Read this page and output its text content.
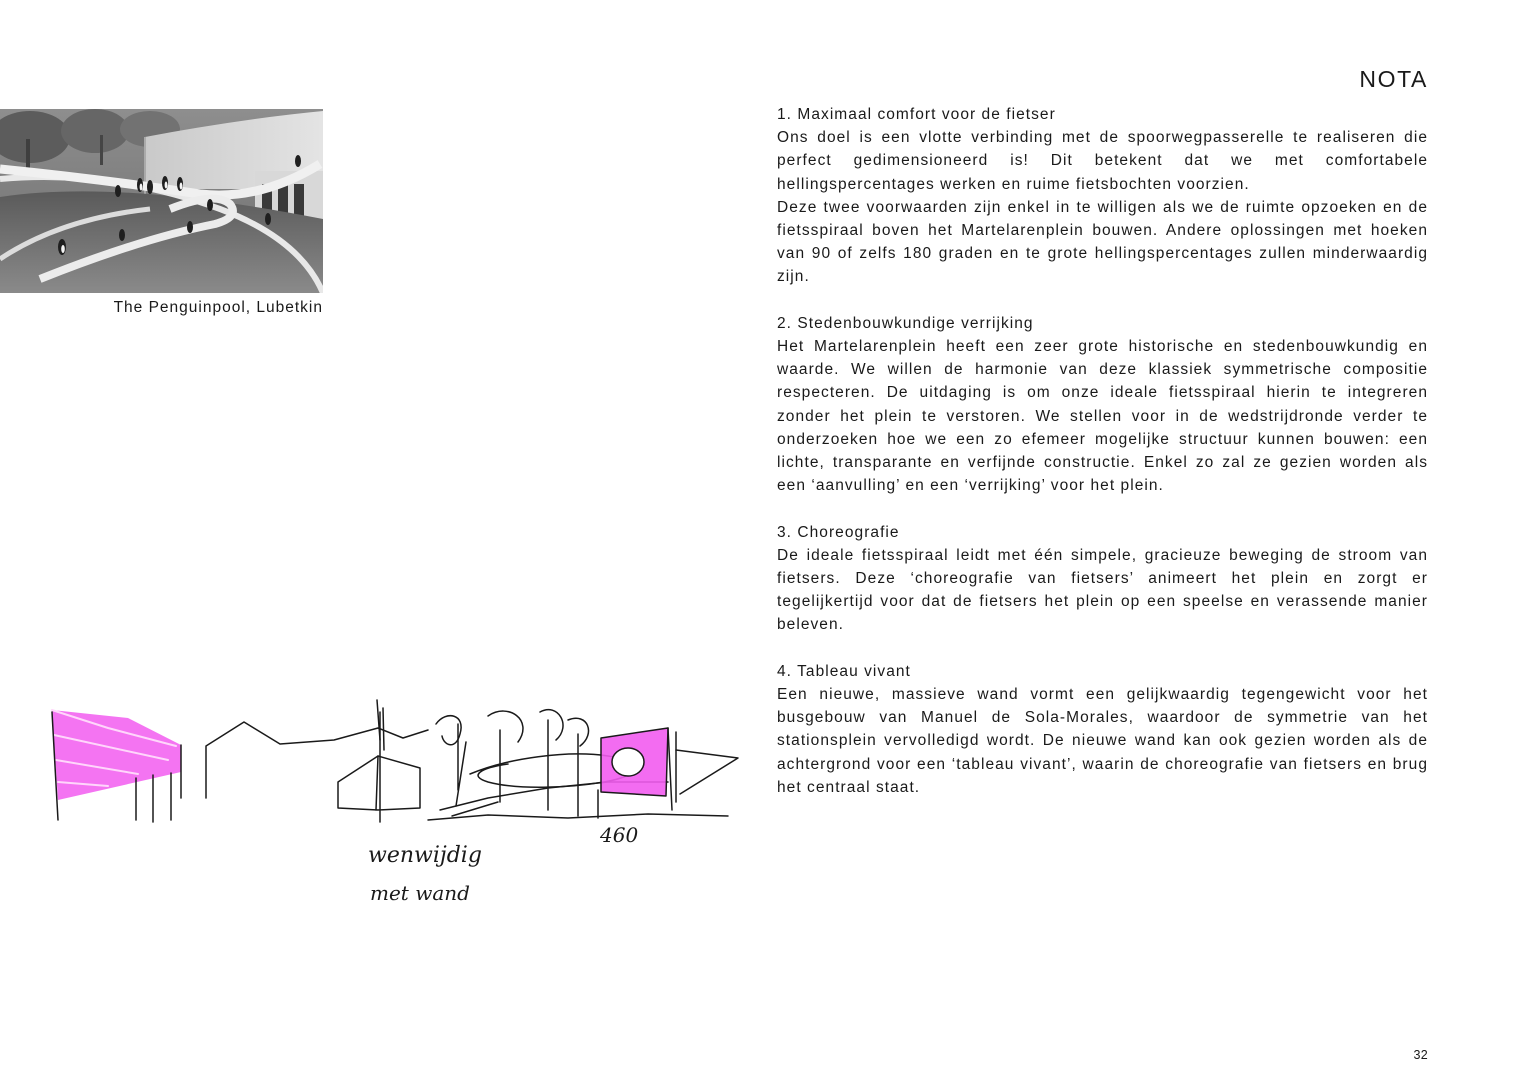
NOTA
The Penguinpool, Lubetkin
1. Maximaal comfort voor de fietser

Ons doel is een vlotte verbinding met de spoorwegpasserelle te realiseren die perfect gedimensioneerd is! Dit betekent dat we met comfortabele hellingspercentages werken en ruime fietsbochten voorzien.

Deze twee voorwaarden zijn enkel in te willigen als we de ruimte opzoeken en de fietsspiraal boven het Martelarenplein bouwen. Andere oplossingen met hoeken van 90 of zelfs 180 graden en te grote hellingspercentages zullen minderwaardig zijn.

2. Stedenbouwkundige verrijking

Het Martelarenplein heeft een zeer grote historische en stedenbouwkundig en waarde. We willen de harmonie van deze klassiek symmetrische compositie respecteren. De uitdaging is om onze ideale fietsspiraal hierin te integreren zonder het plein te verstoren. We stellen voor in de wedstrijdronde verder te onderzoeken hoe we een zo efemeer mogelijke structuur kunnen bouwen: een lichte, transparante en verfijnde constructie. Enkel zo zal ze gezien worden als een ‘aanvulling’ en een ‘verrijking’ voor het plein.

3. Choreografie

De ideale fietsspiraal leidt met één simpele, gracieuze beweging de stroom van fietsers. Deze ‘choreografie van fietsers’ animeert het plein en zorgt er tegelijkertijd voor dat de fietsers het plein op een speelse en verassende manier beleven.

4. Tableau vivant

Een nieuwe, massieve wand vormt een gelijkwaardig tegengewicht voor het busgebouw van Manuel de Sola-Morales, waardoor de symmetrie van het stationsplein vervolledigd wordt. De nieuwe wand kan ook gezien worden als de achtergrond voor een ‘tableau vivant’, waarin de choreografie van fietsers en brug het centraal staat.

460
wenwijdig
met wand
32
